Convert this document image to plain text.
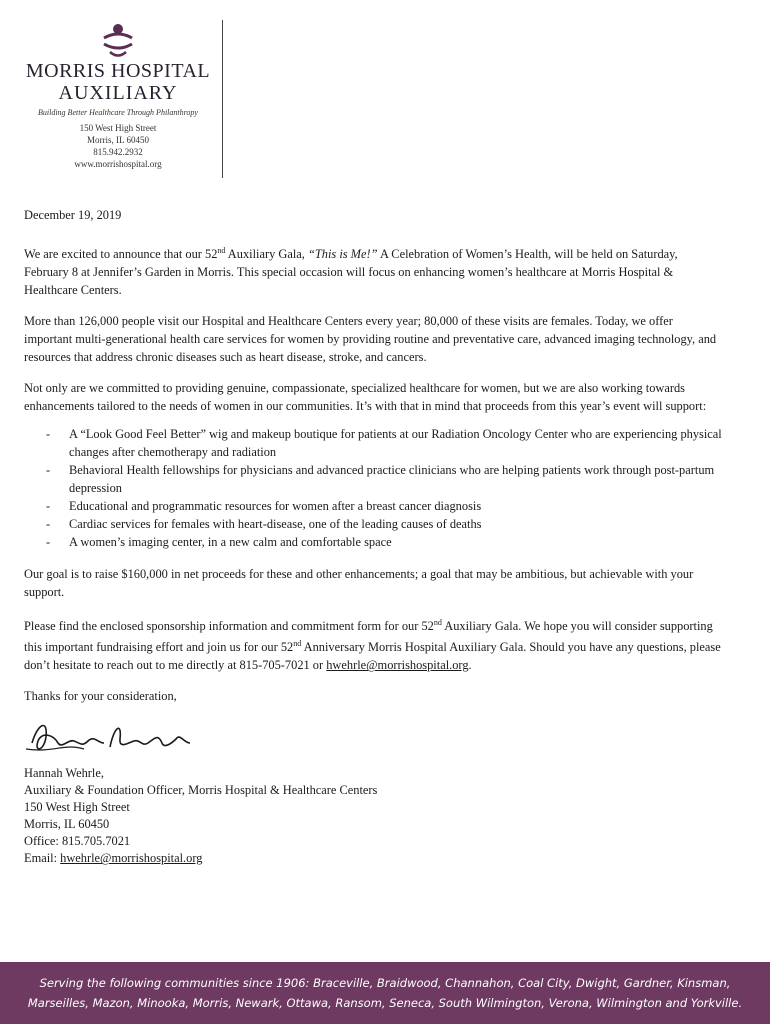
MORRIS HOSPITAL
AUXILIARY
Building Better Healthcare Through Philanthropy
150 West High Street
Morris, IL 60450
815.942.2932
www.morrishospital.org

December 19, 2019

We are excited to announce that our 52nd Auxiliary Gala, “This is Me!” A Celebration of Women’s Health, will be held on Saturday, February 8 at Jennifer’s Garden in Morris. This special occasion will focus on enhancing women’s healthcare at Morris Hospital & Healthcare Centers.

More than 126,000 people visit our Hospital and Healthcare Centers every year; 80,000 of these visits are females. Today, we offer important multi-generational health care services for women by providing routine and preventative care, advanced imaging technology, and resources that address chronic diseases such as heart disease, stroke, and cancers.

Not only are we committed to providing genuine, compassionate, specialized healthcare for women, but we are also working towards enhancements tailored to the needs of women in our communities. It’s with that in mind that proceeds from this year’s event will support:

- A “Look Good Feel Better” wig and makeup boutique for patients at our Radiation Oncology Center who are experiencing physical changes after chemotherapy and radiation
- Behavioral Health fellowships for physicians and advanced practice clinicians who are helping patients work through post-partum depression
- Educational and programmatic resources for women after a breast cancer diagnosis
- Cardiac services for females with heart-disease, one of the leading causes of deaths
- A women’s imaging center, in a new calm and comfortable space

Our goal is to raise $160,000 in net proceeds for these and other enhancements; a goal that may be ambitious, but achievable with your support.

Please find the enclosed sponsorship information and commitment form for our 52nd Auxiliary Gala. We hope you will consider supporting this important fundraising effort and join us for our 52nd Anniversary Morris Hospital Auxiliary Gala. Should you have any questions, please don’t hesitate to reach out to me directly at 815-705-7021 or hwehrle@morrishospital.org.

Thanks for your consideration,

Hannah Wehrle,

Auxiliary & Foundation Officer, Morris Hospital & Healthcare Centers

150 West High Street

Morris, IL 60450

Office: 815.705.7021

Email: hwehrle@morrishospital.org

Serving the following communities since 1906: Braceville, Braidwood, Channahon, Coal City, Dwight, Gardner, Kinsman, Marseilles, Mazon, Minooka, Morris, Newark, Ottawa, Ransom, Seneca, South Wilmington, Verona, Wilmington and Yorkville.
